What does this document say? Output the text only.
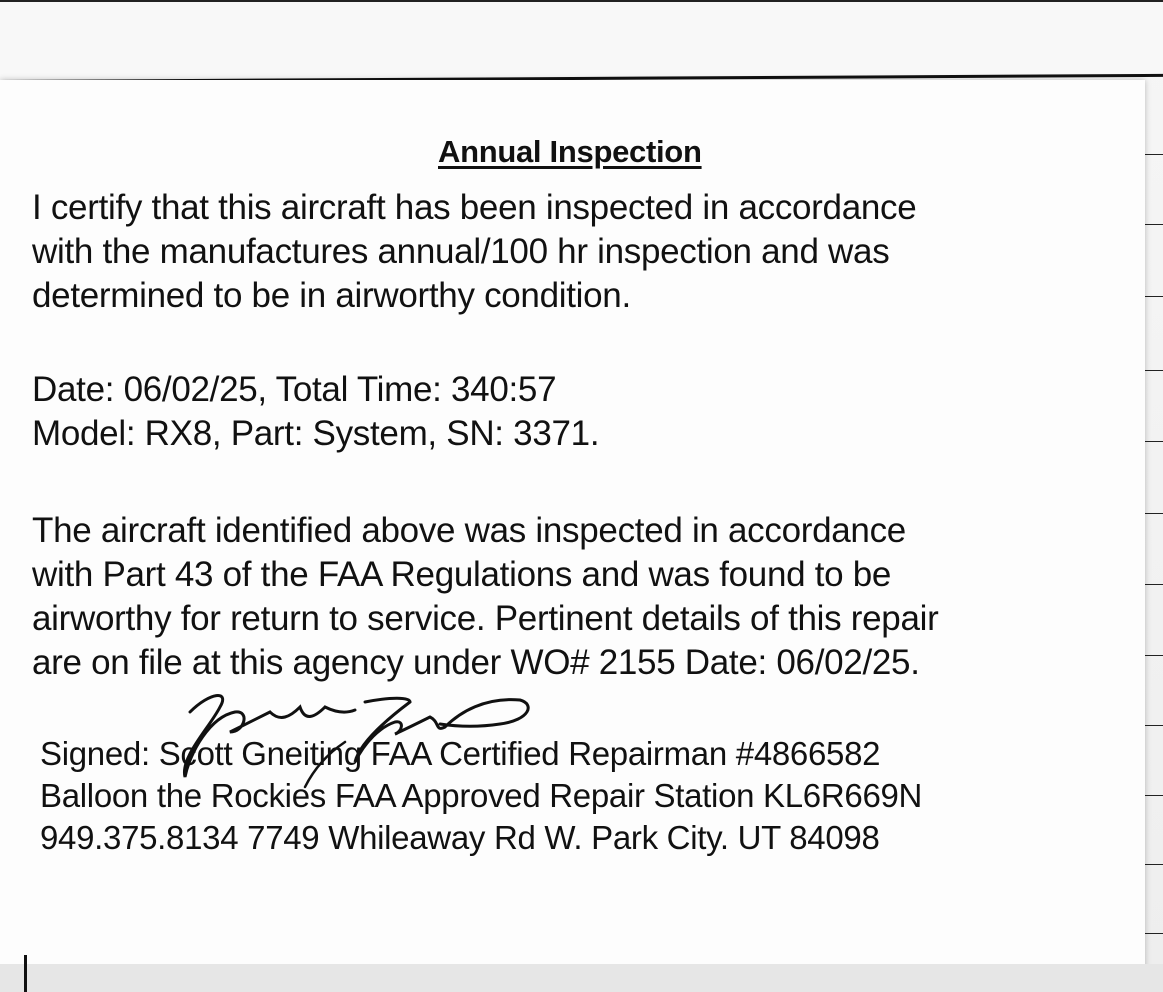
Annual Inspection
I certify that this aircraft has been inspected in accordance
with the manufactures annual/100 hr inspection and was
determined to be in airworthy condition.
Date: 06/02/25, Total Time: 340:57
Model: RX8, Part: System, SN: 3371.
The aircraft identified above was inspected in accordance
with Part 43 of the FAA Regulations and was found to be
airworthy for return to service. Pertinent details of this repair
are on file at this agency under WO# 2155 Date: 06/02/25.
Signed: Scott Gneiting FAA Certified Repairman #4866582
Balloon the Rockies FAA Approved Repair Station KL6R669N
949.375.8134 7749 Whileaway Rd W. Park City. UT 84098
